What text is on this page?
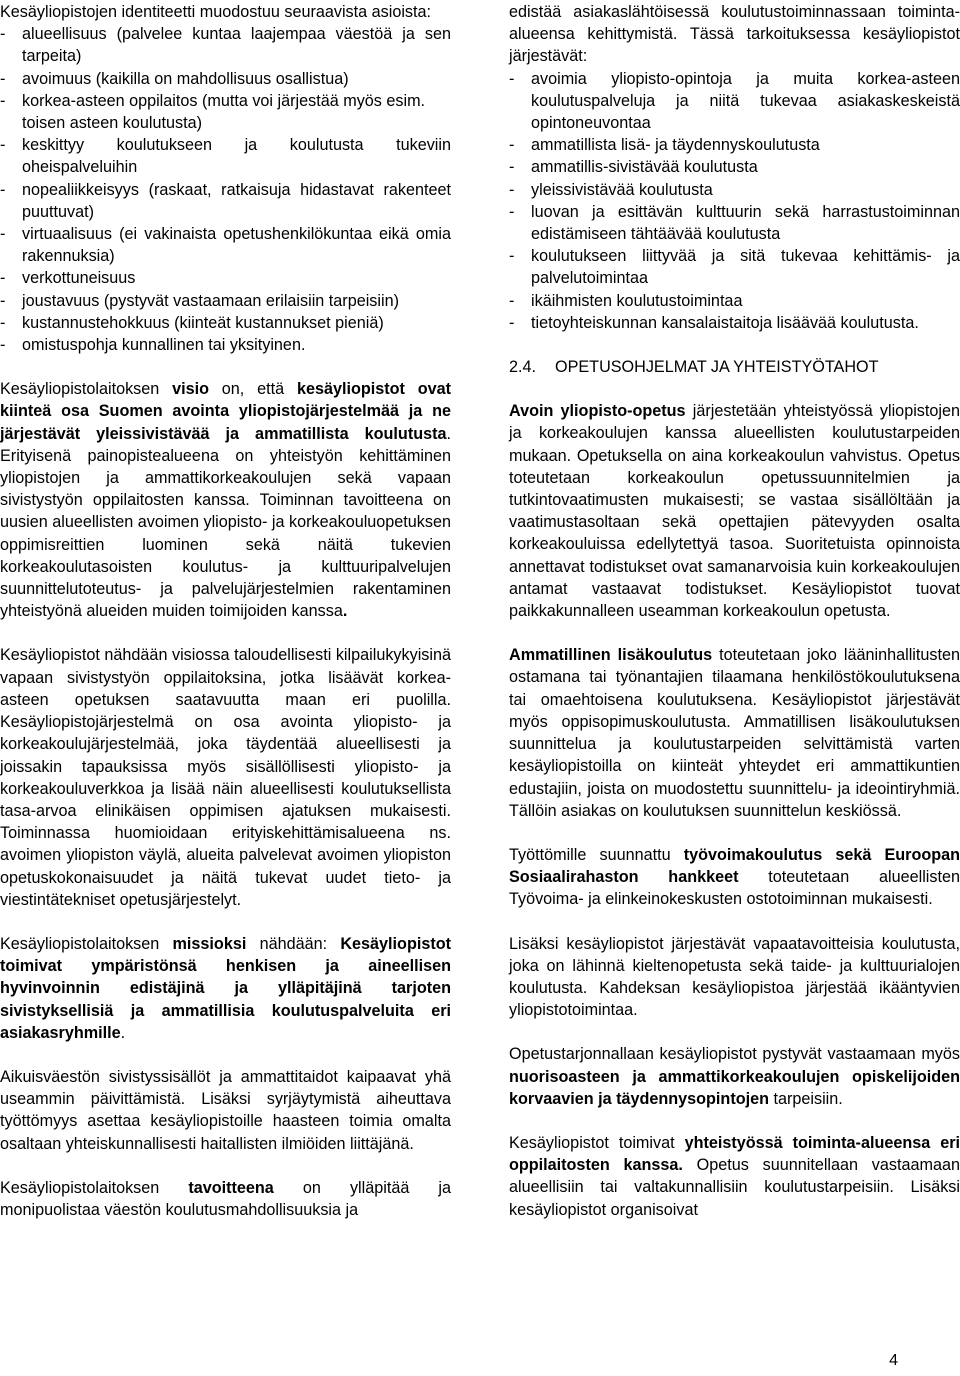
Kesäyliopistojen identiteetti muodostuu seuraavista asioista:

-	alueellisuus (palvelee kuntaa laajempaa väestöä ja sen tarpeita)
-	avoimuus (kaikilla on mahdollisuus osallistua)
-	korkea-asteen oppilaitos (mutta voi järjestää myös esim. toisen asteen koulutusta)
-	keskittyy koulutukseen ja koulutusta tukeviin oheispalveluihin
-	nopealiikkeisyys (raskaat, ratkaisuja hidastavat rakenteet puuttuvat)
-	virtuaalisuus (ei vakinaista opetushenkilökuntaa eikä omia rakennuksia)
-	verkottuneisuus
-	joustavuus (pystyvät vastaamaan erilaisiin tarpeisiin)
-	kustannustehokkuus (kiinteät kustannukset pieniä)
-	omistuspohja kunnallinen tai yksityinen.

Kesäyliopistolaitoksen visio on, että kesäyliopistot ovat kiinteä osa Suomen avointa yliopistojärjestelmää ja ne järjestävät yleissivistävää ja ammatillista koulutusta. Erityisenä painopistealueena on yhteistyön kehittäminen yliopistojen ja ammattikorkeakoulujen sekä vapaan sivistystyön oppilaitosten kanssa. Toiminnan tavoitteena on uusien alueellisten avoimen yliopisto- ja korkeakouluopetuksen oppimisreittien luominen sekä näitä tukevien korkeakoulutasoisten koulutus- ja kulttuuripalvelujen suunnittelutoteutus- ja palvelujärjestelmien rakentaminen yhteistyönä alueiden muiden toimijoiden kanssa.

Kesäyliopistot nähdään visiossa taloudellisesti kilpailukykyisinä vapaan sivistystyön oppilaitoksina, jotka lisäävät korkea-asteen opetuksen saatavuutta maan eri puolilla. Kesäyliopistojärjestelmä on osa avointa yliopisto- ja korkeakoulujärjestelmää, joka täydentää alueellisesti ja joissakin tapauksissa myös sisällöllisesti yliopisto- ja korkeakouluverkkoa ja lisää näin alueellisesti koulutuksellista tasa-arvoa elinikäisen oppimisen ajatuksen mukaisesti. Toiminnassa huomioidaan erityiskehittämisalueena ns. avoimen yliopiston väylä, alueita palvelevat avoimen yliopiston opetuskokonaisuudet ja näitä tukevat uudet tieto- ja viestintätekniset opetusjärjestelyt.

Kesäyliopistolaitoksen missioksi nähdään: Kesäyliopistot toimivat ympäristönsä henkisen ja aineellisen hyvinvoinnin edistäjinä ja ylläpitäjinä tarjoten sivistyksellisiä ja ammatillisia koulutuspalveluita eri asiakasryhmille.

Aikuisväestön sivistyssisällöt ja ammattitaidot kaipaavat yhä useammin päivittämistä. Lisäksi syrjäytymistä aiheuttava työttömyys asettaa kesäyliopistoille haasteen toimia omalta osaltaan yhteiskunnallisesti haitallisten ilmiöiden liittäjänä.

Kesäyliopistolaitoksen tavoitteena on ylläpitää ja monipuolistaa väestön koulutusmahdollisuuksia ja

edistää asiakaslähtöisessä koulutustoiminnassaan toiminta-alueensa kehittymistä. Tässä tarkoituksessa kesäyliopistot järjestävät:

-	avoimia yliopisto-opintoja ja muita korkea-asteen koulutuspalveluja ja niitä tukevaa asiakaskeskeistä opintoneuvontaa
-	ammatillista lisä- ja täydennyskoulutusta
-	ammatillis-sivistävää koulutusta
-	yleissivistävää koulutusta
-	luovan ja esittävän kulttuurin sekä harrastustoiminnan edistämiseen tähtäävää koulutusta
-	koulutukseen liittyvää ja sitä tukevaa kehittämis- ja palvelutoimintaa
-	ikäihmisten koulutustoimintaa
-	tietoyhteiskunnan kansalaistaitoja lisäävää koulutusta.
2.4.	OPETUSOHJELMAT JA YHTEISTYÖTAHOT

Avoin yliopisto-opetus järjestetään yhteistyössä yliopistojen ja korkeakoulujen kanssa alueellisten koulutustarpeiden mukaan. Opetuksella on aina korkeakoulun vahvistus. Opetus toteutetaan korkeakoulun opetussuunnitelmien ja tutkintovaatimusten mukaisesti; se vastaa sisällöltään ja vaatimustasoltaan sekä opettajien pätevyyden osalta korkeakouluissa edellytettyä tasoa. Suoritetuista opinnoista annettavat todistukset ovat samanarvoisia kuin korkeakoulujen antamat vastaavat todistukset. Kesäyliopistot tuovat paikkakunnalleen useamman korkeakoulun opetusta.

Ammatillinen lisäkoulutus toteutetaan joko lääninhallitusten ostamana tai työnantajien tilaamana henkilöstökoulutuksena tai omaehtoisena koulutuksena. Kesäyliopistot järjestävät myös oppisopimuskoulutusta. Ammatillisen lisäkoulutuksen suunnittelua ja koulutustarpeiden selvittämistä varten kesäyliopistoilla on kiinteät yhteydet eri ammattikuntien edustajiin, joista on muodostettu suunnittelu- ja ideointiryhmiä. Tällöin asiakas on koulutuksen suunnittelun keskiössä.

Työttömille suunnattu työvoimakoulutus sekä Euroopan Sosiaalirahaston hankkeet toteutetaan alueellisten Työvoima- ja elinkeinokeskusten ostotoiminnan mukaisesti.

Lisäksi kesäyliopistot järjestävät vapaatavoitteisia koulutusta, joka on lähinnä kieltenopetusta sekä taide- ja kulttuurialojen koulutusta. Kahdeksan kesäyliopistoa järjestää ikääntyvien yliopistotoimintaa.

Opetustarjonnallaan kesäyliopistot pystyvät vastaamaan myös nuorisoasteen ja ammattikorkeakoulujen opiskelijoiden korvaavien ja täydennysopintojen tarpeisiin.

Kesäyliopistot toimivat yhteistyössä toiminta-alueensa eri oppilaitosten kanssa. Opetus suunnitellaan vastaamaan alueellisiin tai valtakunnallisiin koulutustarpeisiin. Lisäksi kesäyliopistot organisoivat

4
